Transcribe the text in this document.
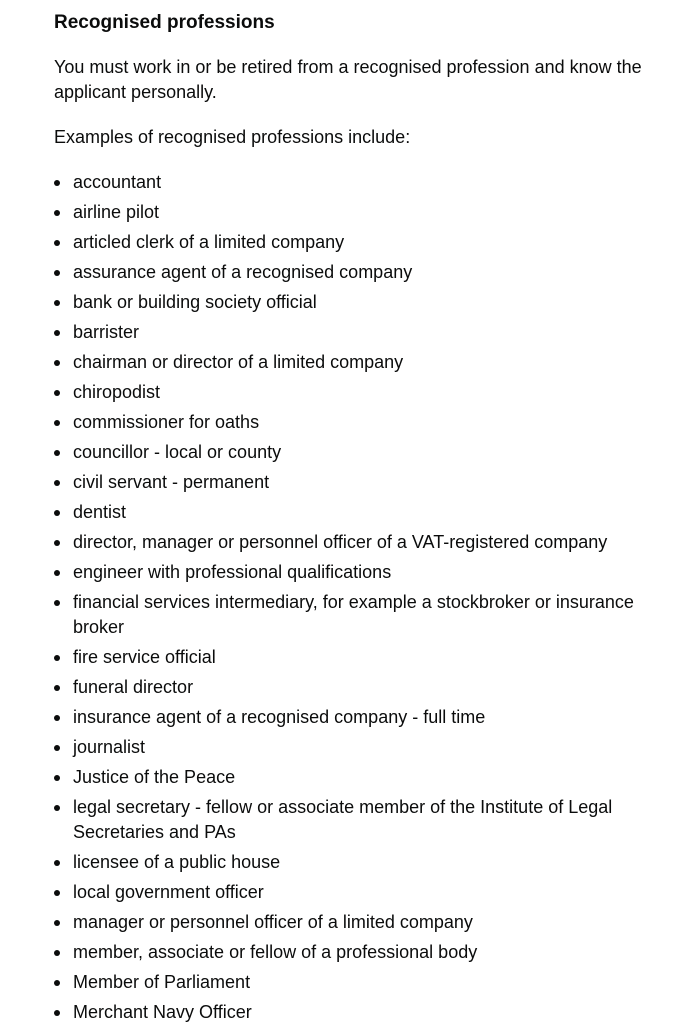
Recognised professions

You must work in or be retired from a recognised profession and know the applicant personally.

Examples of recognised professions include:

accountant
airline pilot
articled clerk of a limited company
assurance agent of a recognised company
bank or building society official
barrister
chairman or director of a limited company
chiropodist
commissioner for oaths
councillor - local or county
civil servant - permanent
dentist
director, manager or personnel officer of a VAT-registered company
engineer with professional qualifications
financial services intermediary, for example a stockbroker or insurance broker
fire service official
funeral director
insurance agent of a recognised company - full time
journalist
Justice of the Peace
legal secretary - fellow or associate member of the Institute of Legal Secretaries and PAs
licensee of a public house
local government officer
manager or personnel officer of a limited company
member, associate or fellow of a professional body
Member of Parliament
Merchant Navy Officer
